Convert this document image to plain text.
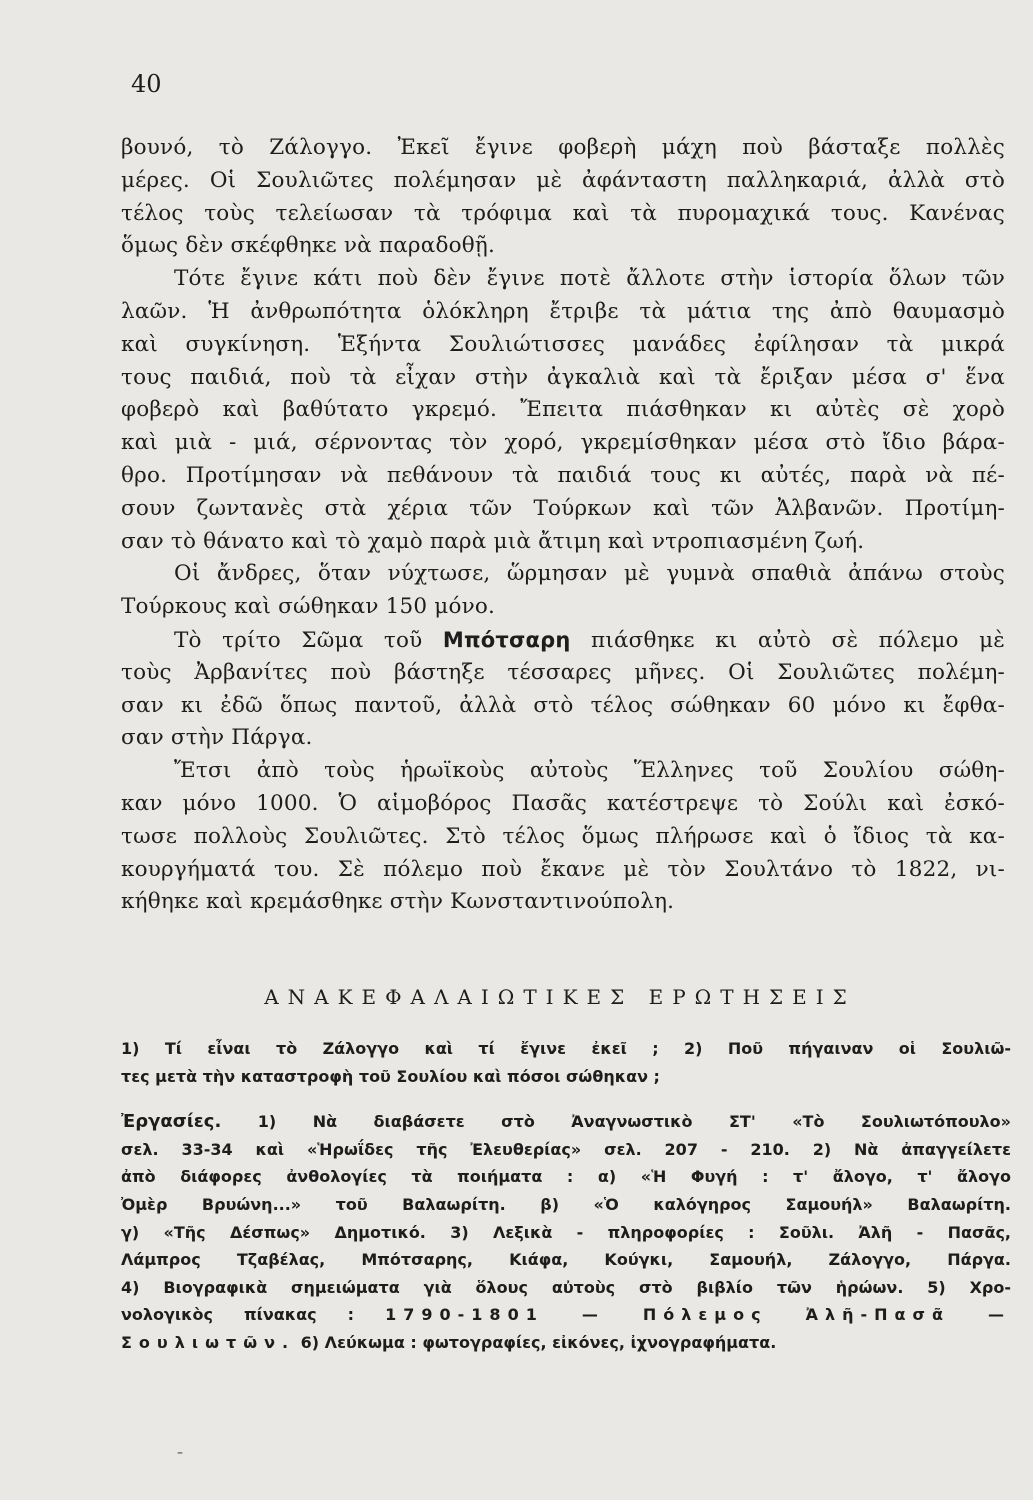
40
βουνό, τὸ Ζάλογγο. Ἐκεῖ ἔγινε φοβερὴ μάχη ποὺ βάσταξε πολλὲς
μέρες. Οἱ Σουλιῶτες πολέμησαν μὲ ἀφάνταστη παλληκαριά, ἀλλὰ στὸ
τέλος τοὺς τελείωσαν τὰ τρόφιμα καὶ τὰ πυρομαχικά τους. Κανένας
ὅμως δὲν σκέφθηκε νὰ παραδοθῇ.
Τότε ἔγινε κάτι ποὺ δὲν ἔγινε ποτὲ ἄλλοτε στὴν ἱστορία ὅλων τῶν
λαῶν. Ἡ ἀνθρωπότητα ὁλόκληρη ἔτριβε τὰ μάτια της ἀπὸ θαυμασμὸ
καὶ συγκίνηση. Ἑξήντα Σουλιώτισσες μανάδες ἐφίλησαν τὰ μικρά
τους παιδιά, ποὺ τὰ εἶχαν στὴν ἀγκαλιὰ καὶ τὰ ἔριξαν μέσα σ' ἕνα
φοβερὸ καὶ βαθύτατο γκρεμό. Ἔπειτα πιάσθηκαν κι αὐτὲς σὲ χορὸ
καὶ μιὰ - μιά, σέρνοντας τὸν χορό, γκρεμίσθηκαν μέσα στὸ ἴδιο βάρα-
θρο. Προτίμησαν νὰ πεθάνουν τὰ παιδιά τους κι αὐτές, παρὰ νὰ πέ-
σουν ζωντανὲς στὰ χέρια τῶν Τούρκων καὶ τῶν Ἀλβανῶν. Προτίμη-
σαν τὸ θάνατο καὶ τὸ χαμὸ παρὰ μιὰ ἄτιμη καὶ ντροπιασμένη ζωή.
Οἱ ἄνδρες, ὅταν νύχτωσε, ὥρμησαν μὲ γυμνὰ σπαθιὰ ἀπάνω στοὺς
Τούρκους καὶ σώθηκαν 150 μόνο.
Τὸ τρίτο Σῶμα τοῦ Μπότσαρη πιάσθηκε κι αὐτὸ σὲ πόλεμο μὲ
τοὺς Ἀρβανίτες ποὺ βάστηξε τέσσαρες μῆνες. Οἱ Σουλιῶτες πολέμη-
σαν κι ἐδῶ ὅπως παντοῦ, ἀλλὰ στὸ τέλος σώθηκαν 60 μόνο κι ἔφθα-
σαν στὴν Πάργα.
Ἔτσι ἀπὸ τοὺς ἡρωϊκοὺς αὐτοὺς Ἕλληνες τοῦ Σουλίου σώθη-
καν μόνο 1000. Ὁ αἱμοβόρος Πασᾶς κατέστρεψε τὸ Σούλι καὶ ἐσκό-
τωσε πολλοὺς Σουλιῶτες. Στὸ τέλος ὅμως πλήρωσε καὶ ὁ ἴδιος τὰ κα-
κουργήματά του. Σὲ πόλεμο ποὺ ἔκανε μὲ τὸν Σουλτάνο τὸ 1822, νι-
κήθηκε καὶ κρεμάσθηκε στὴν Κωνσταντινούπολη.
ΑΝΑΚΕΦΑΛΑΙΩΤΙΚΕΣ ΕΡΩΤΗΣΕΙΣ
1) Τί εἶναι τὸ Ζάλογγο καὶ τί ἔγινε ἐκεῖ ; 2) Ποῦ πήγαιναν οἱ Σουλιῶ-
τες μετὰ τὴν καταστροφὴ τοῦ Σουλίου καὶ πόσοι σώθηκαν ;
Ἐργασίες. 1) Νὰ διαβάσετε στὸ Ἀναγνωστικὸ ΣΤ' «Τὸ Σουλιωτόπουλο»
σελ. 33-34 καὶ «Ἡρωΐδες τῆς Ἐλευθερίας» σελ. 207 - 210. 2) Νὰ ἀπαγγείλετε
ἀπὸ διάφορες ἀνθολογίες τὰ ποιήματα : α) «Ἡ Φυγή : τ' ἄλογο, τ' ἄλογο
Ὀμὲρ Βρυώνη...» τοῦ Βαλαωρίτη. β) «Ὁ καλόγηρος Σαμουήλ» Βαλαωρίτη.
γ) «Τῆς Δέσπως» Δημοτικό. 3) Λεξικὰ - πληροφορίες : Σοῦλι. Ἀλῆ - Πασᾶς,
Λάμπρος Τζαβέλας, Μπότσαρης, Κιάφα, Κούγκι, Σαμουήλ, Ζάλογγο, Πάργα.
4) Βιογραφικὰ σημειώματα γιὰ ὅλους αὐτοὺς στὸ βιβλίο τῶν ἡρώων. 5) Χρο-
νολογικὸς πίνακας : 1790-1801 — Πόλεμος Ἀλῆ-Πασᾶ —
Σουλιωτῶν. 6) Λεύκωμα : φωτογραφίες, εἰκόνες, ἰχνογραφήματα.
ˍ
